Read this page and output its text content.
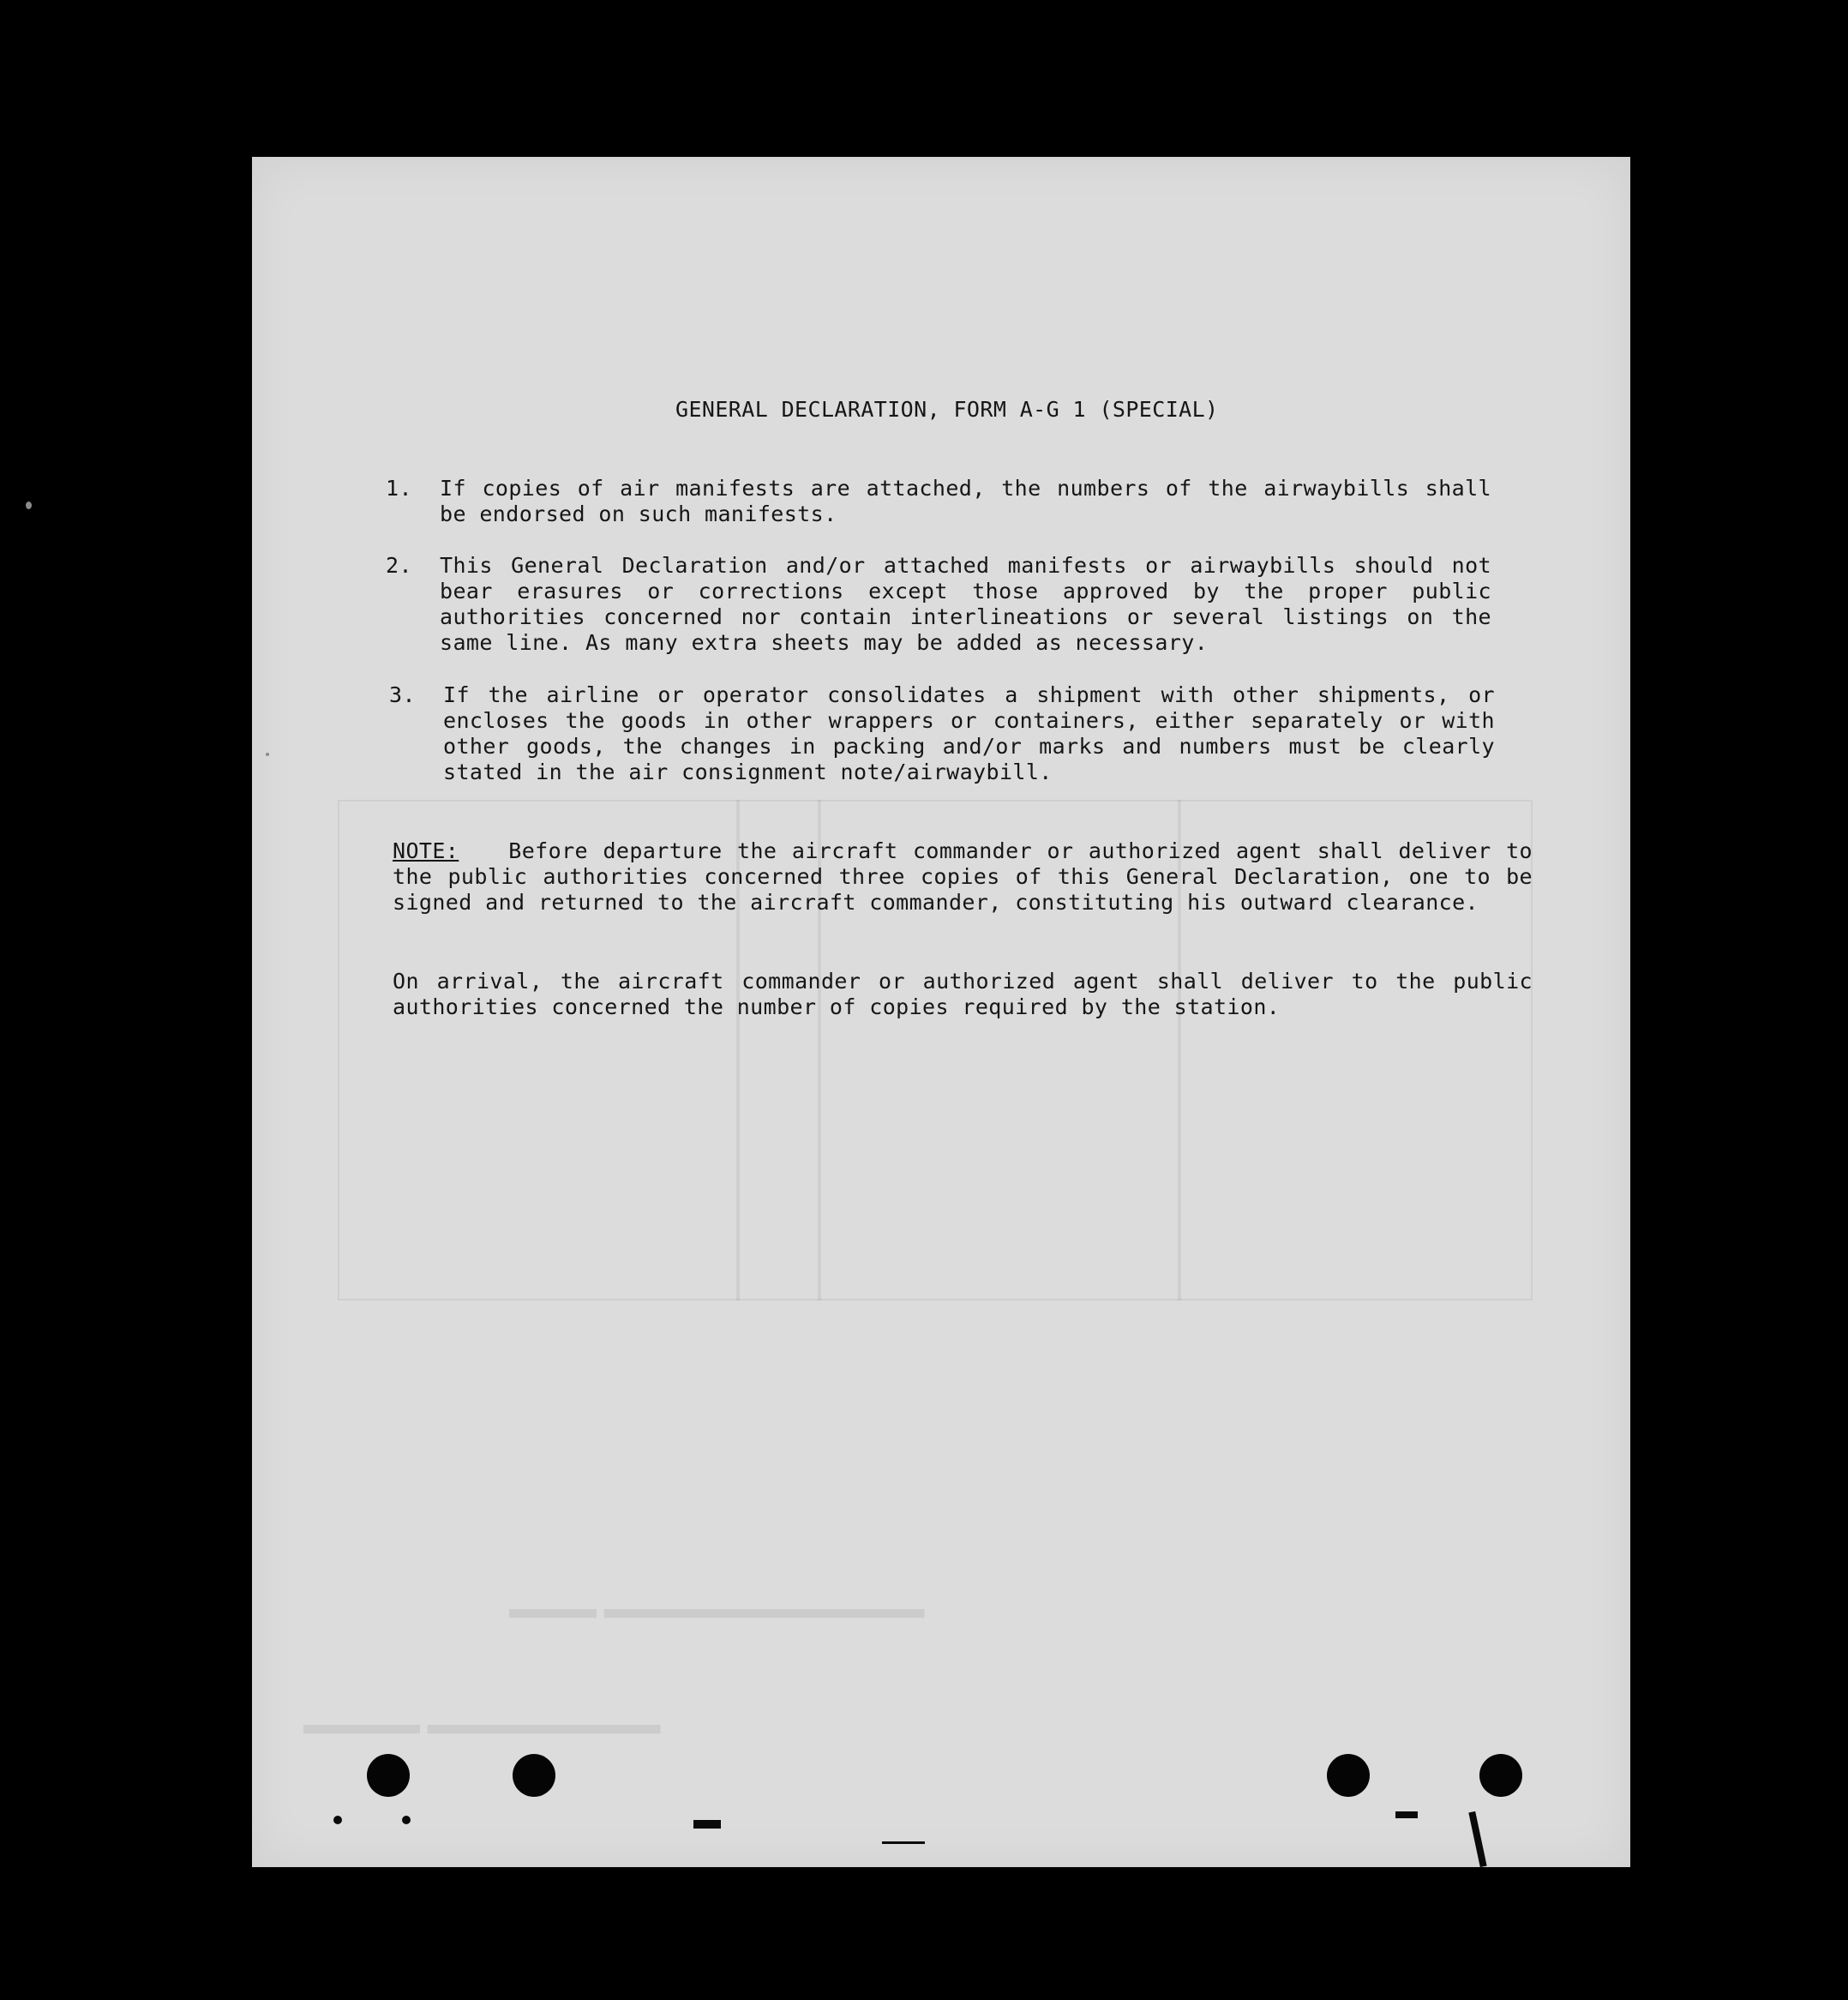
▬▬▬ ▬▬▬▬▬▬▬▬▬▬▬
▬▬▬▬ ▬▬▬▬▬▬▬▬
GENERAL DECLARATION, FORM A-G 1 (SPECIAL)
1. If copies of air manifests are attached, the numbers of the airwaybills shall be endorsed on such manifests.
2. This General Declaration and/or attached manifests or airwaybills should not bear erasures or corrections except those approved by the proper public authorities concerned nor contain interlineations or several listings on the same line. As many extra sheets may be added as necessary.
3. If the airline or operator consolidates a shipment with other shipments, or encloses the goods in other wrappers or containers, either separately or with other goods, the changes in packing and/or marks and numbers must be clearly stated in the air consignment note/airwaybill.
NOTE: Before departure the aircraft commander or authorized agent shall deliver to the public authorities concerned three copies of this General Declaration, one to be signed and returned to the aircraft commander, constituting his outward clearance.
On arrival, the aircraft commander or authorized agent shall deliver to the public authorities concerned the number of copies required by the station.
